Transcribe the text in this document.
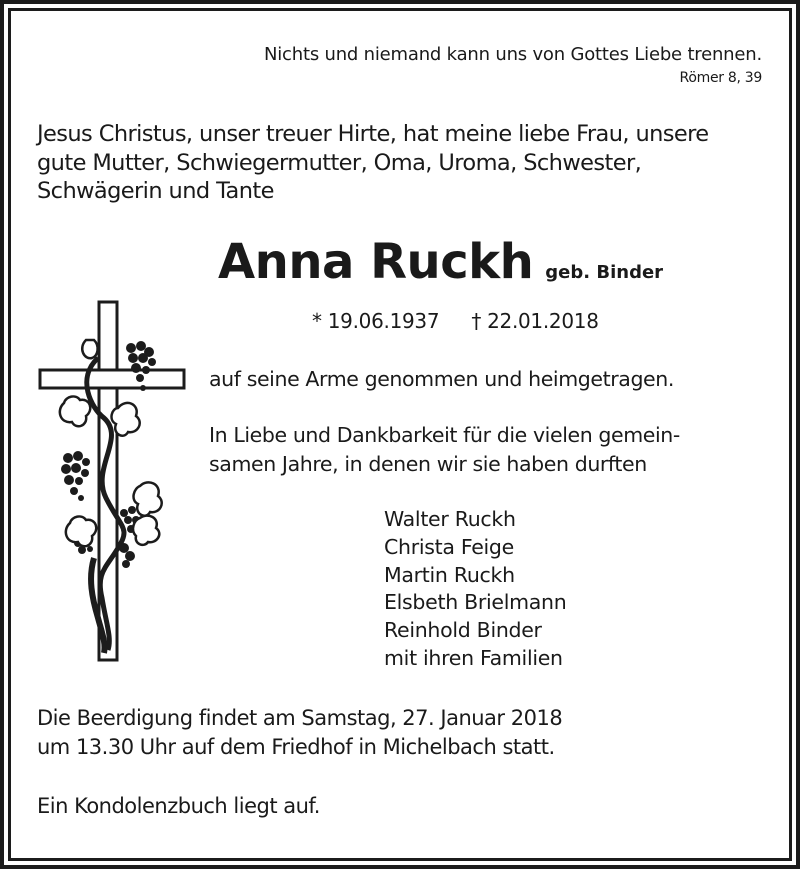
Nichts und niemand kann uns von Gottes Liebe trennen.
Römer 8, 39
Jesus Christus, unser treuer Hirte, hat meine liebe Frau, unsere
gute Mutter, Schwiegermutter, Oma, Uroma, Schwester,
Schwägerin und Tante
Anna Ruckh geb. Binder
* 19.06.1937 † 22.01.2018
auf seine Arme genommen und heimgetragen.
In Liebe und Dankbarkeit für die vielen gemein-
samen Jahre, in denen wir sie haben durften
Walter Ruckh
Christa Feige
Martin Ruckh
Elsbeth Brielmann
Reinhold Binder
mit ihren Familien
Die Beerdigung findet am Samstag, 27. Januar 2018
um 13.30 Uhr auf dem Friedhof in Michelbach statt.
Ein Kondolenzbuch liegt auf.
